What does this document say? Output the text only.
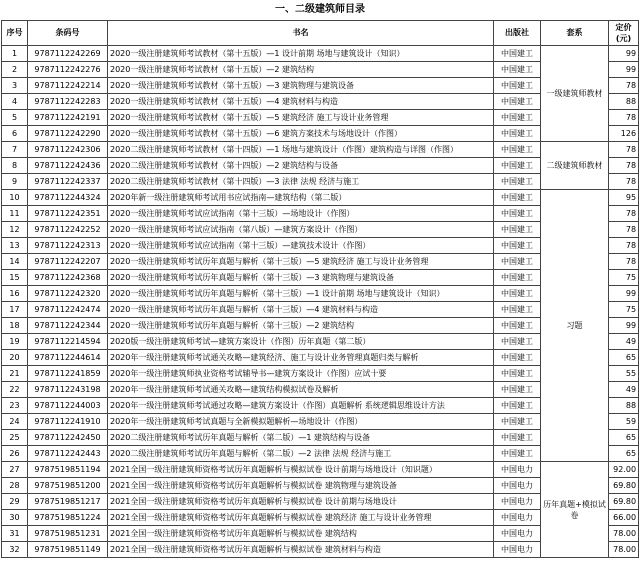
一、二级建筑师目录					
序号	条码号	书名	出版社	套系	定价(元)
1	9787112242269	2020一级注册建筑师考试教材（第十五版）—1 设计前期 场地与建筑设计（知识）	中国建工	一级建筑师教材	99
2	9787112242276	2020一级注册建筑师考试教材（第十五版）—2 建筑结构	中国建工		99
3	9787112242214	2020一级注册建筑师考试教材（第十五版）—3 建筑物理与建筑设备	中国建工		78
4	9787112242283	2020一级注册建筑师考试教材（第十五版）—4 建筑材料与构造	中国建工		88
5	9787112242191	2020一级注册建筑师考试教材（第十五版）—5 建筑经济 施工与设计业务管理	中国建工		78
6	9787112242290	2020一级注册建筑师考试教材（第十五版）—6 建筑方案技术与场地设计（作图）	中国建工		126
7	9787112242306	2020二级注册建筑师考试教材（第十四版）—1 场地与建筑设计（作图）建筑构造与详图（作图）	中国建工	二级建筑师教材	78
8	9787112242436	2020二级注册建筑师考试教材（第十四版）—2 建筑结构与设备	中国建工		78
9	9787112242337	2020二级注册建筑师考试教材（第十四版）—3 法律 法规 经济与施工	中国建工		78
10	9787112244324	2020年新一级注册建筑师考试用书应试指南—建筑结构（第二版）	中国建工	习题	95
11	9787112242351	2020一级注册建筑师考试应试指南（第十三版）—场地设计（作图）	中国建工		78
12	9787112242252	2020一级注册建筑师考试应试指南（第八版）—建筑方案设计（作图）	中国建工		78
13	9787112242313	2020一级注册建筑师考试应试指南（第十三版）—建筑技术设计（作图）	中国建工		78
14	9787112242207	2020一级注册建筑师考试历年真题与解析（第十三版）—5 建筑经济 施工与设计业务管理	中国建工		78
15	9787112242368	2020一级注册建筑师考试历年真题与解析（第十三版）—3 建筑物理与建筑设备	中国建工		75
16	9787112242320	2020一级注册建筑师考试历年真题与解析（第十三版）—1 设计前期 场地与建筑设计（知识）	中国建工		99
17	9787112242474	2020一级注册建筑师考试历年真题与解析（第十三版）—4 建筑材料与构造	中国建工		75
18	9787112242344	2020一级注册建筑师考试历年真题与解析（第十三版）—2 建筑结构	中国建工		99
19	9787112214594	2020版一级注册建筑师考试—建筑方案设计（作图）历年真题（第二版）	中国建工		49
20	9787112244614	2020年一级注册建筑师考试通关攻略—建筑经济、施工与设计业务管理真题归类与解析	中国建工		65
21	9787112241859	2020年一级注册建筑师执业资格考试辅导书—建筑方案设计（作图）应试十要	中国建工		55
22	9787112243198	2020年一级注册建筑师考试通关攻略—建筑结构模拟试卷及解析	中国建工		49
23	9787112244003	2020年一级注册建筑师考试通过攻略—建筑方案设计（作图）真题解析 系统逻辑思维设计方法	中国建工		88
24	9787112241910	2020年一级注册建筑师考试真题与全新模拟题解析—场地设计（作图）	中国建工		59
25	9787112242450	2020二级注册建筑师考试历年真题与解析（第二版）—1 建筑结构与设备	中国建工		65
26	9787112242443	2020二级注册建筑师考试历年真题与解析（第二版）—2 法律 法规 经济与施工	中国建工		65
27	9787519851194	2021全国一级注册建筑师资格考试历年真题解析与模拟试卷 设计前期与场地设计（知识题）	中国电力	历年真题+模拟试卷	92.00
28	9787519851200	2021全国一级注册建筑师资格考试历年真题解析与模拟试卷 建筑物理与建筑设备	中国电力		69.80
29	9787519851217	2021全国一级注册建筑师资格考试历年真题解析与模拟试卷 设计前期与场地设计	中国电力		69.80
30	9787519851224	2021全国一级注册建筑师资格考试历年真题解析与模拟试卷 建筑经济 施工与设计业务管理	中国电力		66.00
31	9787519851231	2021全国一级注册建筑师资格考试历年真题解析与模拟试卷 建筑结构	中国电力		78.00
32	9787519851149	2021全国一级注册建筑师资格考试历年真题解析与模拟试卷 建筑材料与构造	中国电力		78.00
